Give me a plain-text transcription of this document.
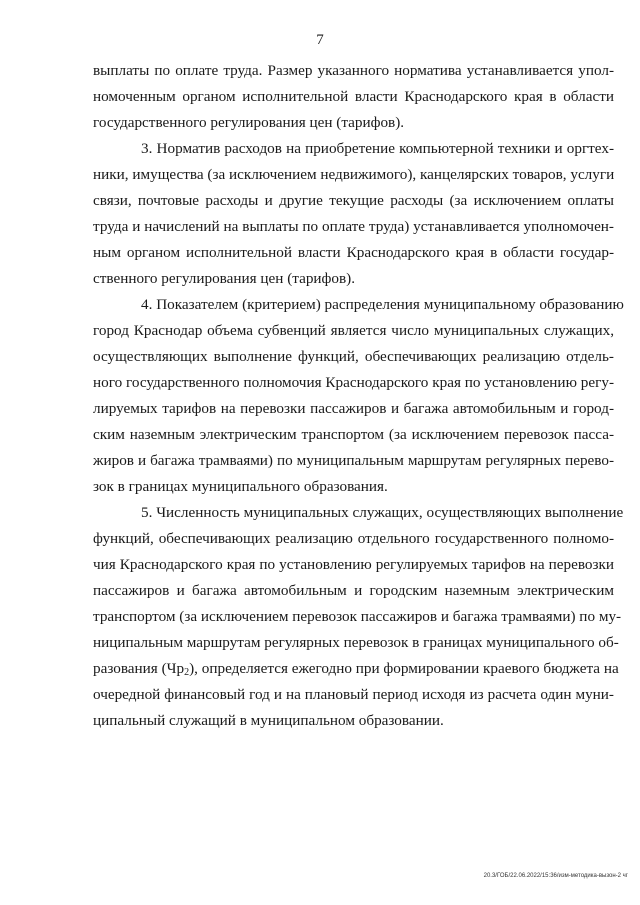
7
выплаты по оплате труда. Размер указанного норматива устанавливается упол-
номоченным органом исполнительной власти Краснодарского края в области
государственного регулирования цен (тарифов).
3. Норматив расходов на приобретение компьютерной техники и оргтех-
ники, имущества (за исключением недвижимого), канцелярских товаров, услуги
связи, почтовые расходы и другие текущие расходы (за исключением оплаты
труда и начислений на выплаты по оплате труда) устанавливается уполномочен-
ным органом исполнительной власти Краснодарского края в области государ-
ственного регулирования цен (тарифов).
4. Показателем (критерием) распределения муниципальному образованию
город Краснодар объема субвенций является число муниципальных служащих,
осуществляющих выполнение функций, обеспечивающих реализацию отдель-
ного государственного полномочия Краснодарского края по установлению регу-
лируемых тарифов на перевозки пассажиров и багажа автомобильным и город-
ским наземным электрическим транспортом (за исключением перевозок пасса-
жиров и багажа трамваями) по муниципальным маршрутам регулярных перево-
зок в границах муниципального образования.
5. Численность муниципальных служащих, осуществляющих выполнение
функций, обеспечивающих реализацию отдельного государственного полномо-
чия Краснодарского края по установлению регулируемых тарифов на перевозки
пассажиров и багажа автомобильным и городским наземным электрическим
транспортом (за исключением перевозок пассажиров и багажа трамваями) по му-
ниципальным маршрутам регулярных перевозок в границах муниципального об-
разования $(Чр_2)$, определяется ежегодно при формировании краевого бюджета на
очередной финансовый год и на плановый период исходя из расчета один муни-
ципальный служащий в муниципальном образовании.
20.3/ГОБ/22.06.2022/15:36/изм-методика-вызон-2 чг
